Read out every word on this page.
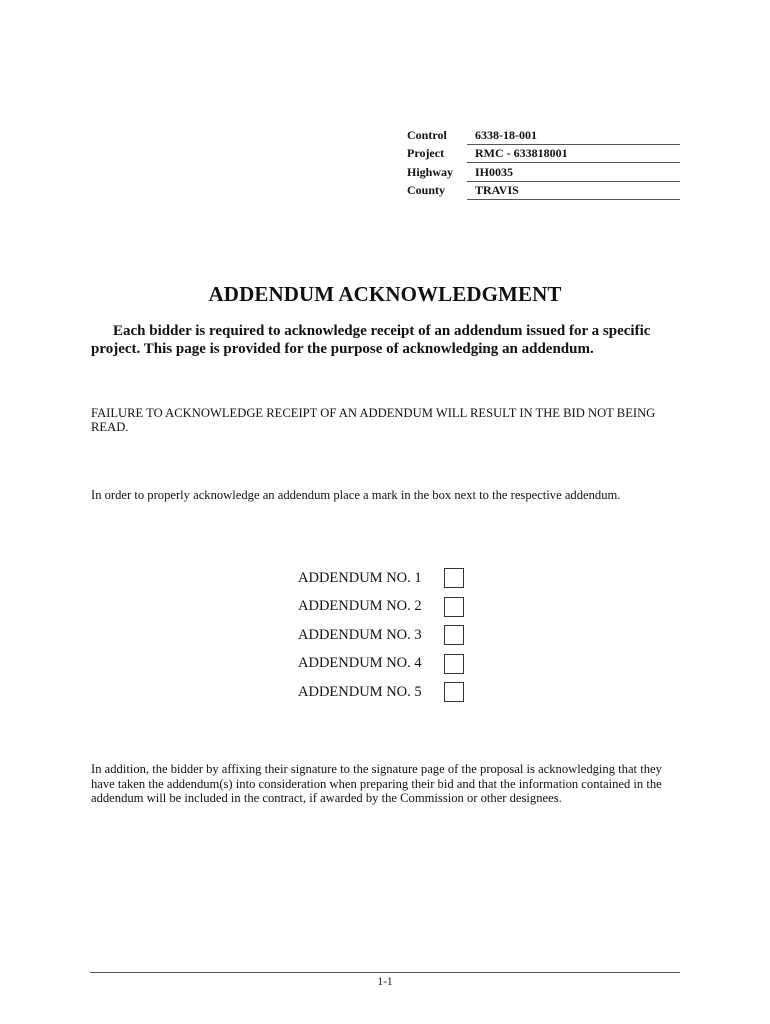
Control	6338-18-001
Project	RMC - 633818001
Highway	IH0035
County	TRAVIS
ADDENDUM ACKNOWLEDGMENT
Each bidder is required to acknowledge receipt of an addendum issued for a specific project. This page is provided for the purpose of acknowledging an addendum.
FAILURE TO ACKNOWLEDGE RECEIPT OF AN ADDENDUM WILL RESULT IN THE BID NOT BEING READ.
In order to properly acknowledge an addendum place a mark in the box next to the respective addendum.
ADDENDUM NO. 1
ADDENDUM NO. 2
ADDENDUM NO. 3
ADDENDUM NO. 4
ADDENDUM NO. 5
In addition, the bidder by affixing their signature to the signature page of the proposal is acknowledging that they have taken the addendum(s) into consideration when preparing their bid and that the information contained in the addendum will be included in the contract, if awarded by the Commission or other designees.
1-1
